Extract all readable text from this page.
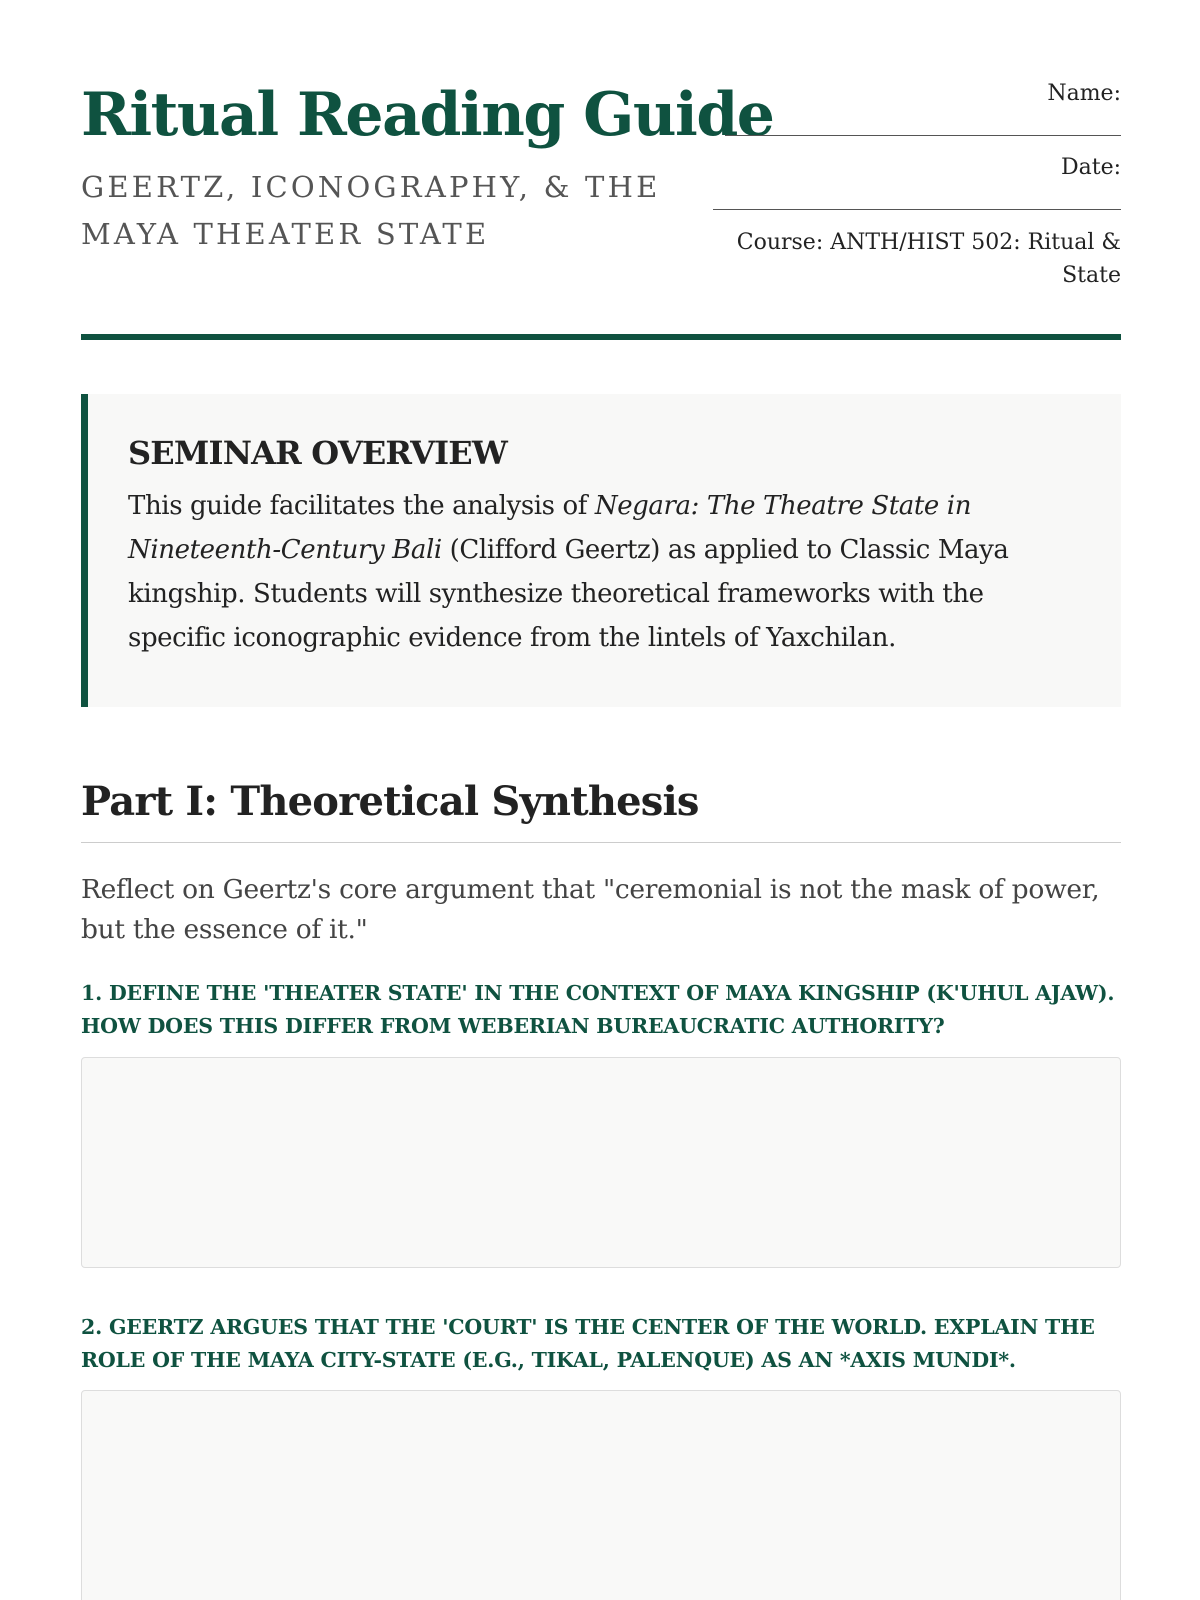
Ritual Reading Guide
GEERTZ, ICONOGRAPHY, & THE MAYA THEATER STATE
Name:
Date:
Course: ANTH/HIST 502: Ritual & State
SEMINAR OVERVIEW

This guide facilitates the analysis of Negara: The Theatre State in Nineteenth-Century Bali (Clifford Geertz) as applied to Classic Maya kingship. Students will synthesize theoretical frameworks with the specific iconographic evidence from the lintels of Yaxchilan.

Part I: Theoretical Synthesis
Reflect on Geertz's core argument that "ceremonial is not the mask of power, but the essence of it."
1. DEFINE THE 'THEATER STATE' IN THE CONTEXT OF MAYA KINGSHIP (K'UHUL AJAW). HOW DOES THIS DIFFER FROM WEBERIAN BUREAUCRATIC AUTHORITY?
2. GEERTZ ARGUES THAT THE 'COURT' IS THE CENTER OF THE WORLD. EXPLAIN THE ROLE OF THE MAYA CITY-STATE (E.G., TIKAL, PALENQUE) AS AN *AXIS MUNDI*.
